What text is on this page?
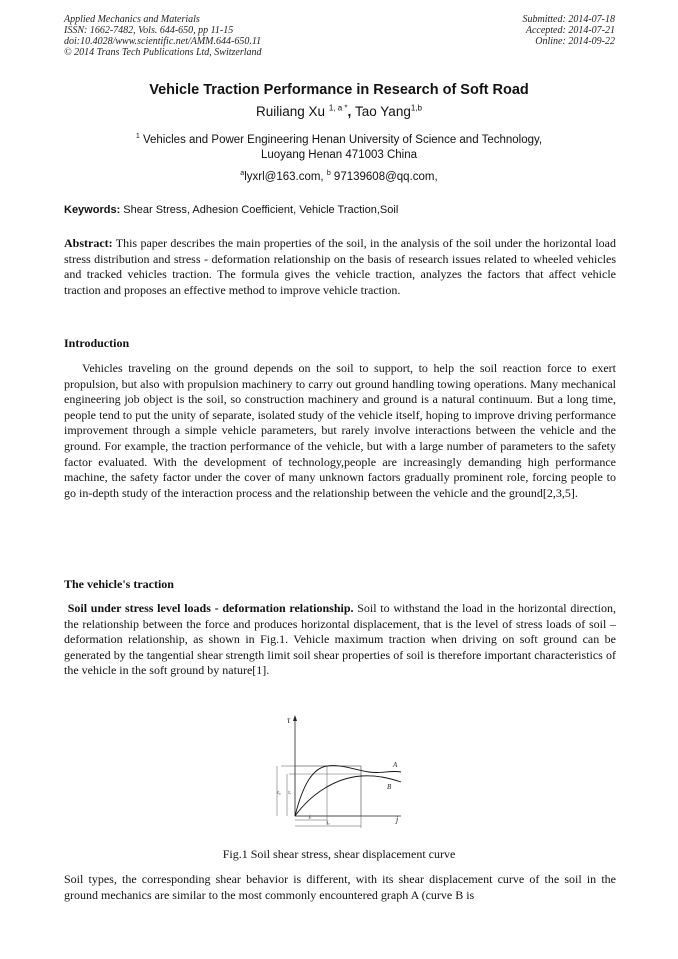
Applied Mechanics and Materials
ISSN: 1662-7482, Vols. 644-650, pp 11-15
doi:10.4028/www.scientific.net/AMM.644-650.11
© 2014 Trans Tech Publications Ltd, Switzerland
Submitted: 2014-07-18
Accepted: 2014-07-21
Online: 2014-09-22
Vehicle Traction Performance in Research of Soft Road
Ruiliang Xu $^{1, a *}$, Tao Yang$^{1,b}$
$^1$ Vehicles and Power Engineering Henan University of Science and Technology,
Luoyang Henan 471003 China
$^a$lyxrl@163.com, $^b$ 97139608@qq.com,
Keywords: Shear Stress, Adhesion Coefficient, Vehicle Traction,Soil
Abstract: This paper describes the main properties of the soil, in the analysis of the soil under the horizontal load stress distribution and stress - deformation relationship on the basis of research issues related to wheeled vehicles and tracked vehicles traction. The formula gives the vehicle traction, analyzes the factors that affect vehicle traction and proposes an effective method to improve vehicle traction.
Introduction
Vehicles traveling on the ground depends on the soil to support, to help the soil reaction force to exert propulsion, but also with propulsion machinery to carry out ground handling towing operations. Many mechanical engineering job object is the soil, so construction machinery and ground is a natural continuum. But a long time, people tend to put the unity of separate, isolated study of the vehicle itself, hoping to improve driving performance improvement through a simple vehicle parameters, but rarely involve interactions between the vehicle and the ground. For example, the traction performance of the vehicle, but with a large number of parameters to the safety factor evaluated. With the development of technology,people are increasingly demanding high performance machine, the safety factor under the cover of many unknown factors gradually prominent role, forcing people to go in-depth study of the interaction process and the relationship between the vehicle and the ground[2,3,5].
The vehicle's traction
Soil under stress level loads - deformation relationship. Soil to withstand the load in the horizontal direction, the relationship between the force and produces horizontal displacement, that is the level of stress loads of soil – deformation relationship, as shown in Fig.1. Vehicle maximum traction when driving on soft ground can be generated by the tangential shear strength limit soil shear properties of soil is therefore important characteristics of the vehicle in the soft ground by nature[1].
τ
j
A
B
τₐ τᵣ
jᵣ
jₐ
Fig.1 Soil shear stress, shear displacement curve
Soil types, the corresponding shear behavior is different, with its shear displacement curve of the soil in the ground mechanics are similar to the most commonly encountered graph A (curve B is
